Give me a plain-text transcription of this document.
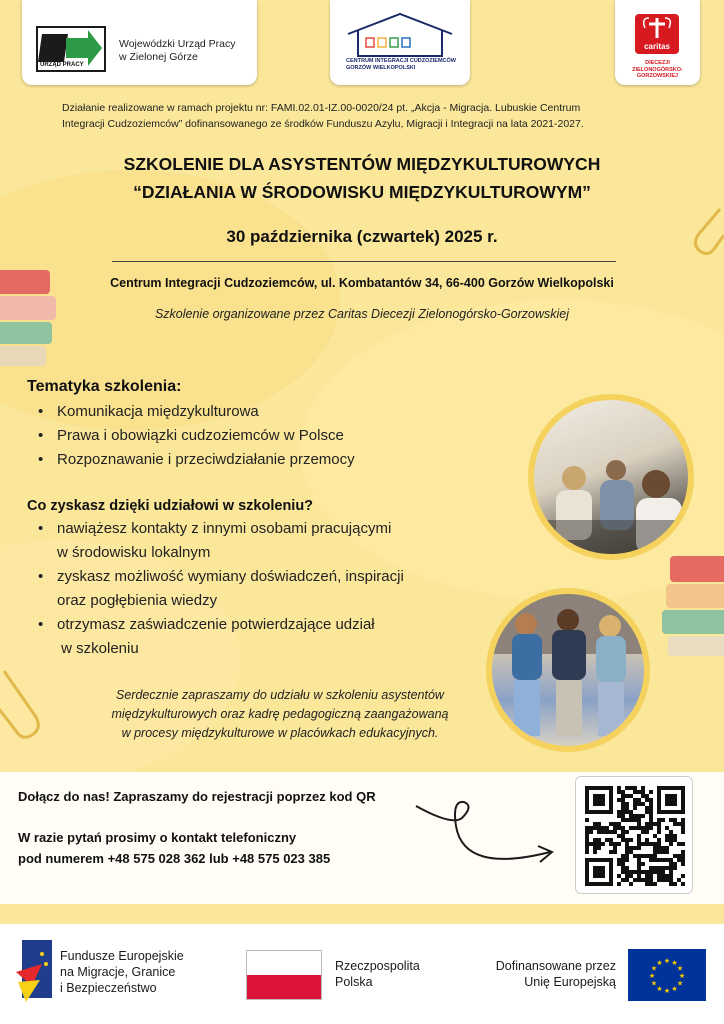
URZĄD PRACY
Wojewódzki Urząd Pracy
w Zielonej Górze	CENTRUM INTEGRACJI CUDZOZIEMCÓW
GORZÓW WIELKOPOLSKI
caritas
DIECEZJI
ZIELONOGÓRSKO-
GORZOWSKIEJ
Działanie realizowane w ramach projektu nr: FAMI.02.01-IZ.00-0020/24 pt. „Akcja - Migracja. Lubuskie Centrum
Integracji Cudzoziemców” dofinansowanego ze środków Funduszu Azylu, Migracji i Integracji na lata 2021-2027.
SZKOLENIE DLA ASYSTENTÓW MIĘDZYKULTUROWYCH
“DZIAŁANIA W ŚRODOWISKU MIĘDZYKULTUROWYM”
30 października (czwartek) 2025 r.
Centrum Integracji Cudzoziemców, ul. Kombatantów 34, 66-400 Gorzów Wielkopolski
Szkolenie organizowane przez Caritas Diecezji Zielonogórsko-Gorzowskiej
Tematyka szkolenia:
• Komunikacja międzykulturowa
• Prawa i obowiązki cudzoziemców w Polsce
• Rozpoznawanie i przeciwdziałanie przemocy
Co zyskasz dzięki udziałowi w szkoleniu?
• nawiążesz kontakty z innymi osobami pracującymi
w środowisku lokalnym
• zyskasz możliwość wymiany doświadczeń, inspiracji
oraz pogłębienia wiedzy
• otrzymasz zaświadczenie potwierdzające udział
w szkoleniu
Serdecznie zapraszamy do udziału w szkoleniu asystentów
międzykulturowych oraz kadrę pedagogiczną zaangażowaną
w procesy międzykulturowe w placówkach edukacyjnych.
Dołącz do nas! Zapraszamy do rejestracji poprzez kod QR
W razie pytań prosimy o kontakt telefoniczny
pod numerem +48 575 028 362 lub +48 575 023 385
Fundusze Europejskie
na Migracje, Granice
i Bezpieczeństwo
Rzeczpospolita
Polska
Dofinansowane przez
Unię Europejską	★
★
★
★
★
★
★
★
★ ★ ★
★
